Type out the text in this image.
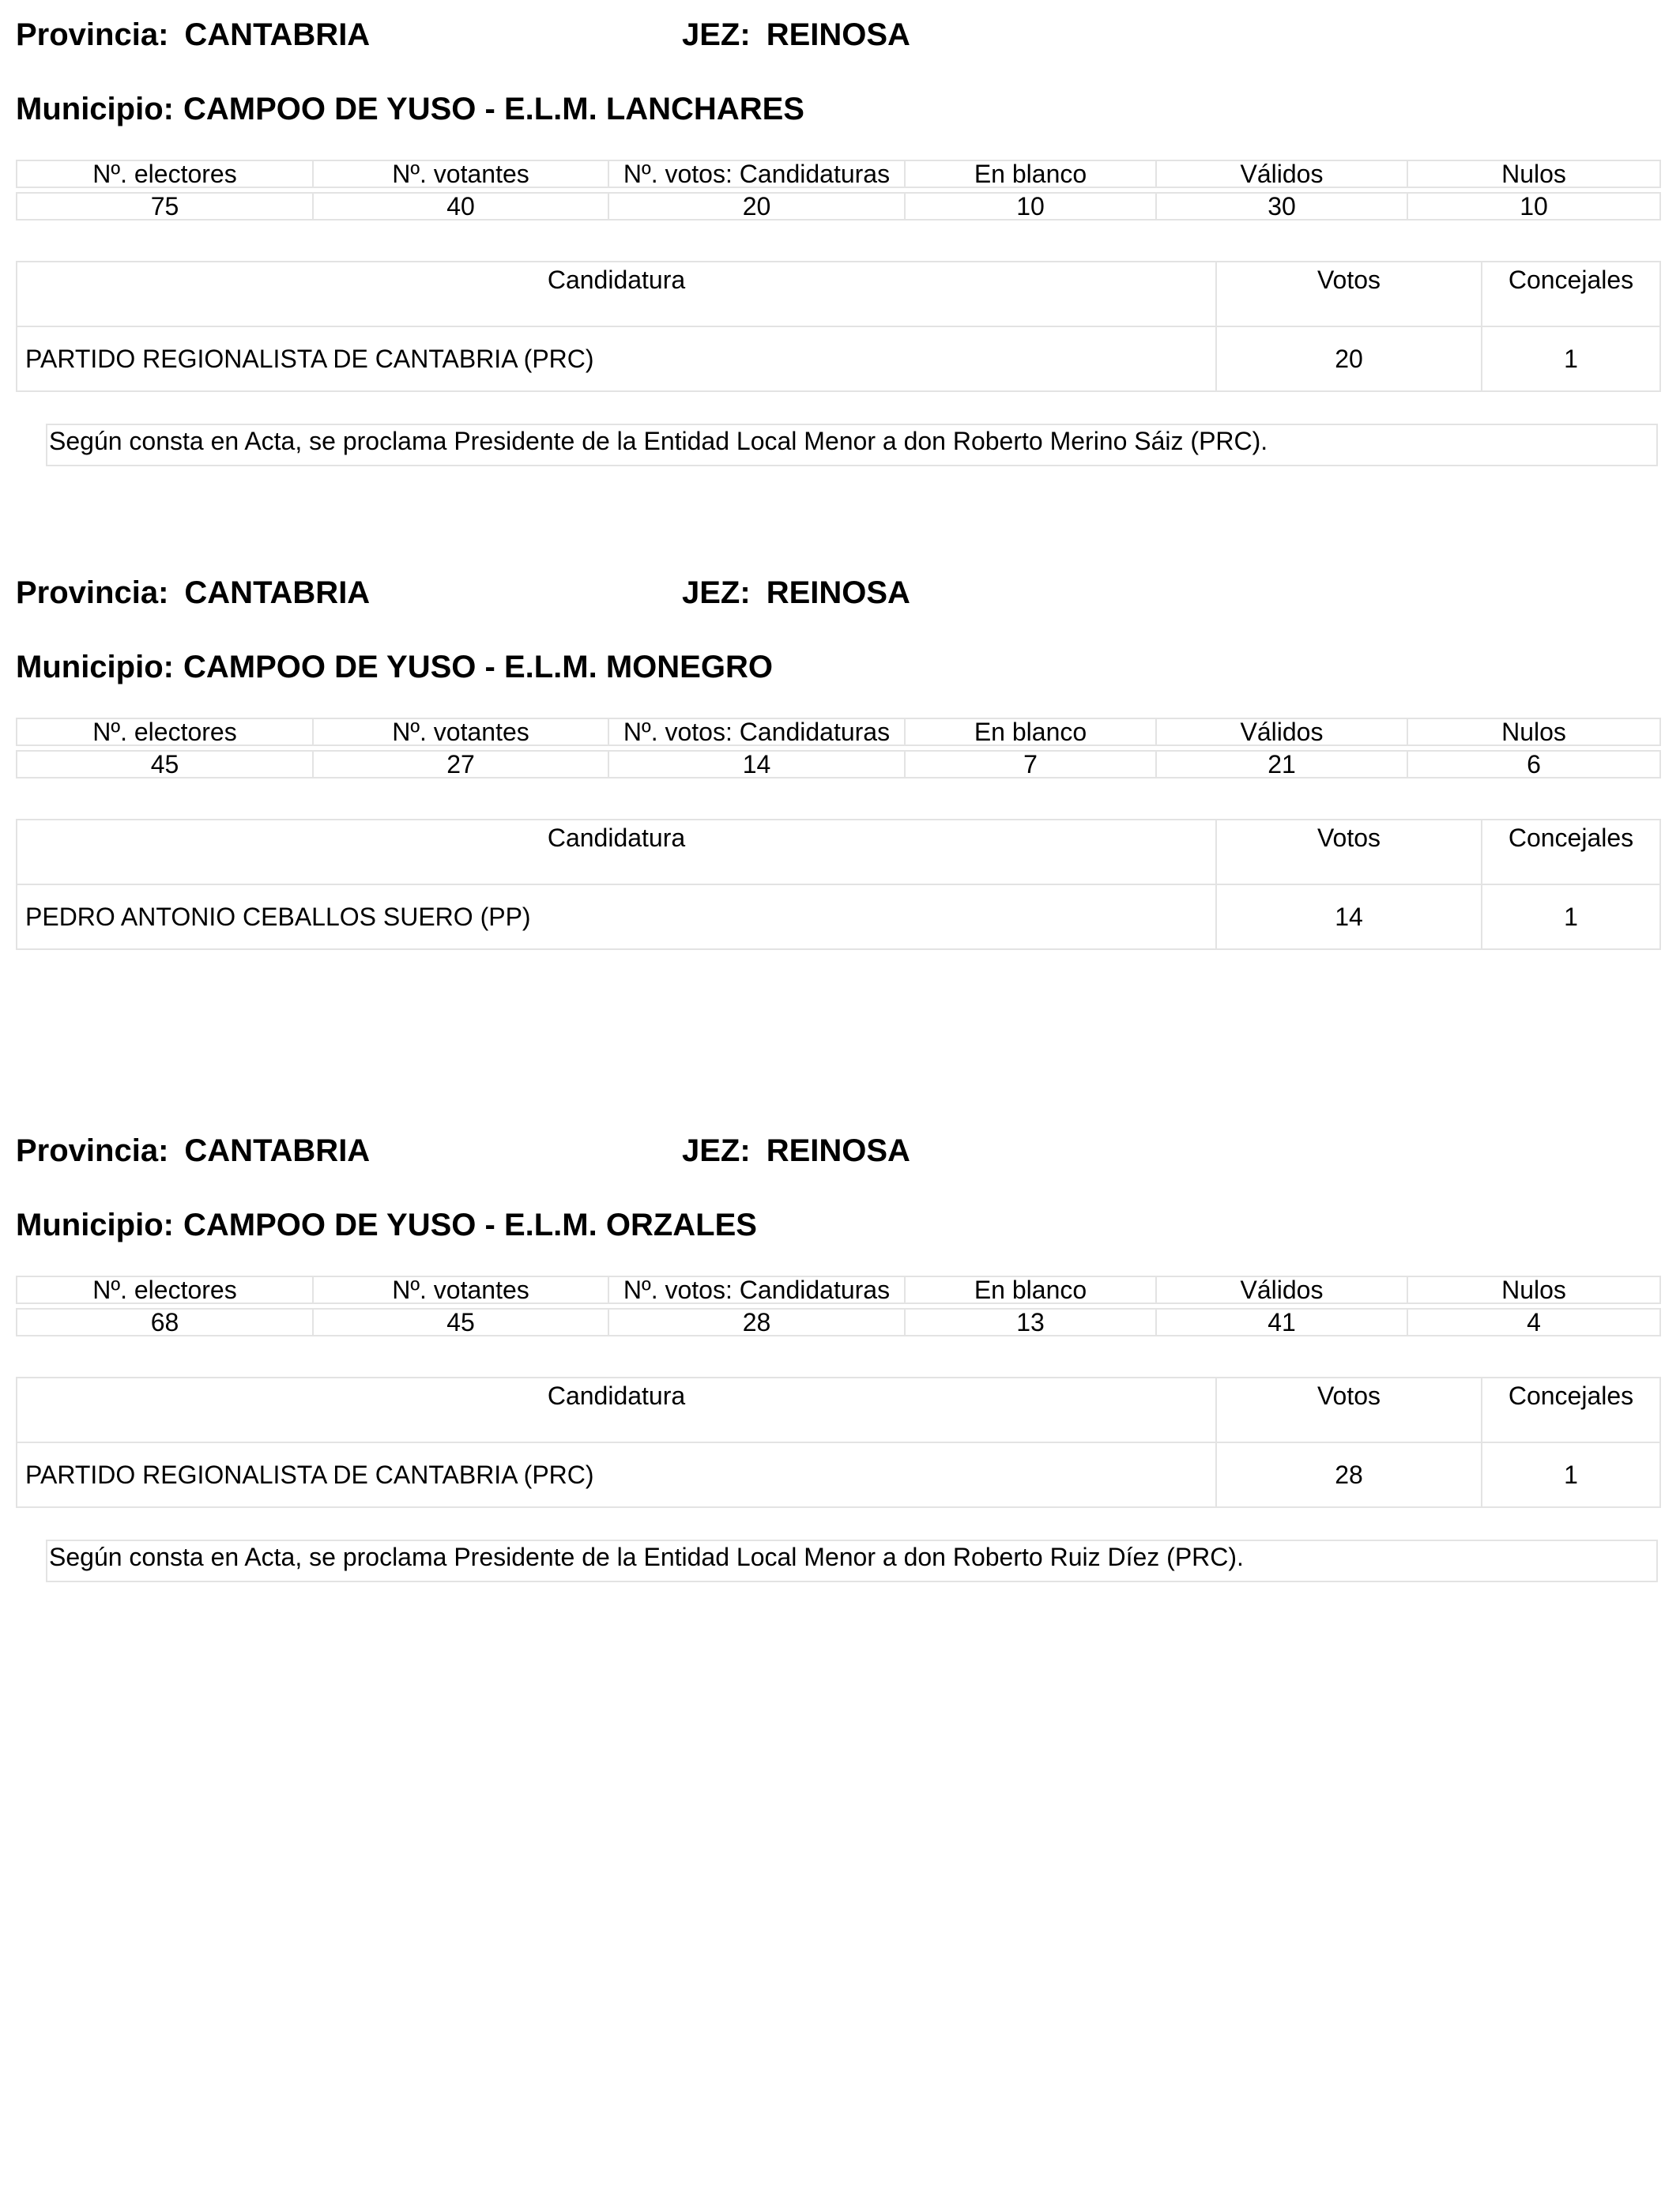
Provincia: CANTABRIA	JEZ: REINOSA
Municipio: CAMPOO DE YUSO - E.L.M. LANCHARES
Nº. electores	Nº. votantes	Nº. votos: Candidaturas	En blanco	Válidos	Nulos

75	40	20	10	30	10
Candidatura	Votos	Concejales
PARTIDO REGIONALISTA DE CANTABRIA (PRC)	20	1
Según consta en Acta, se proclama Presidente de la Entidad Local Menor a don Roberto Merino Sáiz (PRC).
Provincia: CANTABRIA	JEZ: REINOSA
Municipio: CAMPOO DE YUSO - E.L.M. MONEGRO
Nº. electores	Nº. votantes	Nº. votos: Candidaturas	En blanco	Válidos	Nulos

45	27	14	7	21	6
Candidatura	Votos	Concejales
PEDRO ANTONIO CEBALLOS SUERO (PP)	14	1
Provincia: CANTABRIA	JEZ: REINOSA
Municipio: CAMPOO DE YUSO - E.L.M. ORZALES
Nº. electores	Nº. votantes	Nº. votos: Candidaturas	En blanco	Válidos	Nulos

68	45	28	13	41	4
Candidatura	Votos	Concejales
PARTIDO REGIONALISTA DE CANTABRIA (PRC)	28	1
Según consta en Acta, se proclama Presidente de la Entidad Local Menor a don Roberto Ruiz Díez (PRC).
